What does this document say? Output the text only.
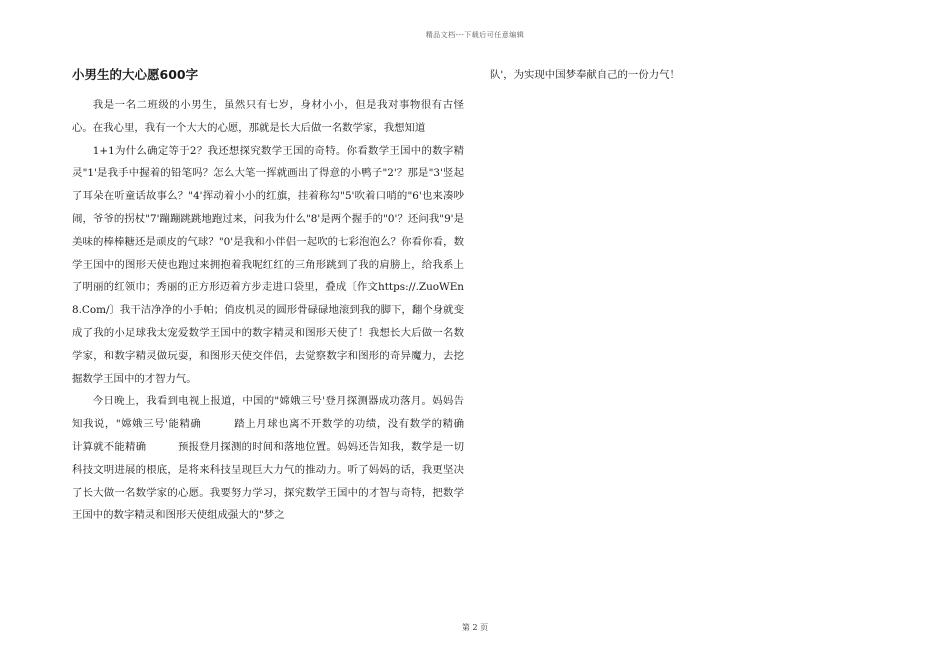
精品文档---下载后可任意编辑
小男生的大心愿600字

我是一名二班级的小男生，虽然只有七岁，身材小小，但是我对事物很有古怪　　心。在我心里，我有一个大大的心愿，那就是长大后做一名数学家，我想知道

1+1为什么确定等于2？我还想探究数学王国的奇特。你看数学王国中的数字精灵"1'是我手中握着的铅笔吗？怎么大笔一挥就画出了得意的小鸭子"2'？那是"3'竖起了耳朵在听童话故事么？"4'挥动着小小的红旗，挂着称勾"5'吹着口哨的"6'也来凑吵闹，爷爷的拐杖"7'蹦蹦跳跳地跑过来，问我为什么"8'是两个握手的"0'？还问我"9'是美味的棒棒糖还是顽皮的气球？"0'是我和小伴侣一起吹的七彩泡泡么？你看你看，数学王国中的图形天使也跑过来拥抱着我呢红红的三角形跳到了我的肩膀上，给我系上了明丽的红领巾；秀丽的正方形迈着方步走进口袋里，叠成〔作文https://.ZuoWEn8.Com/〕我干洁净净的小手帕；俏皮机灵的圆形骨碌碌地滚到我的脚下，翻个身就变成了我的小足球我太宠爱数学王国中的数字精灵和图形天使了！我想长大后做一名数学家，和数字精灵做玩耍，和图形天使交伴侣，去觉察数字和图形的奇异魔力，去挖掘数学王国中的才智力气。

今日晚上，我看到电视上报道，中国的"嫦娥三号'登月探测器成功落月。妈妈告知我说，"嫦娥三号'能精确　　　踏上月球也离不开数学的功绩，没有数学的精确　　　计算就不能精确　　　预报登月探测的时间和落地位置。妈妈还告知我，数学是一切科技文明进展的根底，是将来科技呈现巨大力气的推动力。听了妈妈的话，我更坚决了长大做一名数学家的心愿。我要努力学习，探究数学王国中的才智与奇特，把数学王国中的数字精灵和图形天使组成强大的"梦之

队'，为实现中国梦奉献自己的一份力气！

第 2 页
